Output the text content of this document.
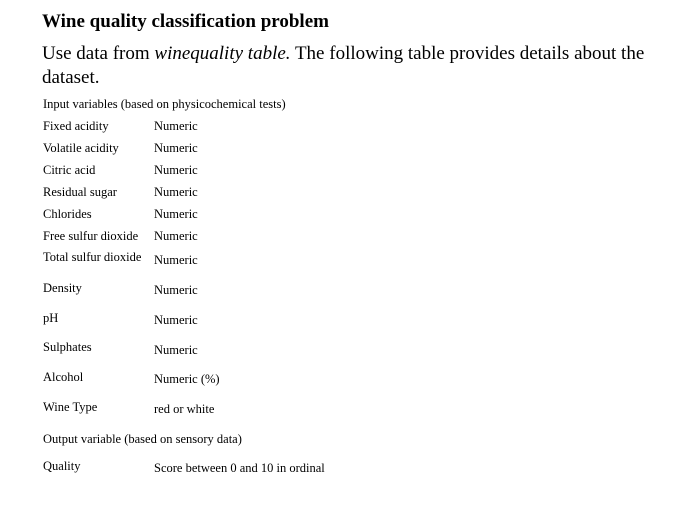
Wine quality classification problem

Use data from winequality table. The following table provides details about the dataset.

Input variables (based on physicochemical tests)
Fixed acidity	Numeric
Volatile acidity	Numeric
Citric acid	Numeric
Residual sugar	Numeric
Chlorides	Numeric
Free sulfur dioxide Numeric
Total sulfur dioxide Numeric
Density	Numeric
pH	Numeric
Sulphates	Numeric
Alcohol	Numeric (%)
Wine Type	red or white
Output variable (based on sensory data)
Quality	Score between 0 and 10 in ordinal
